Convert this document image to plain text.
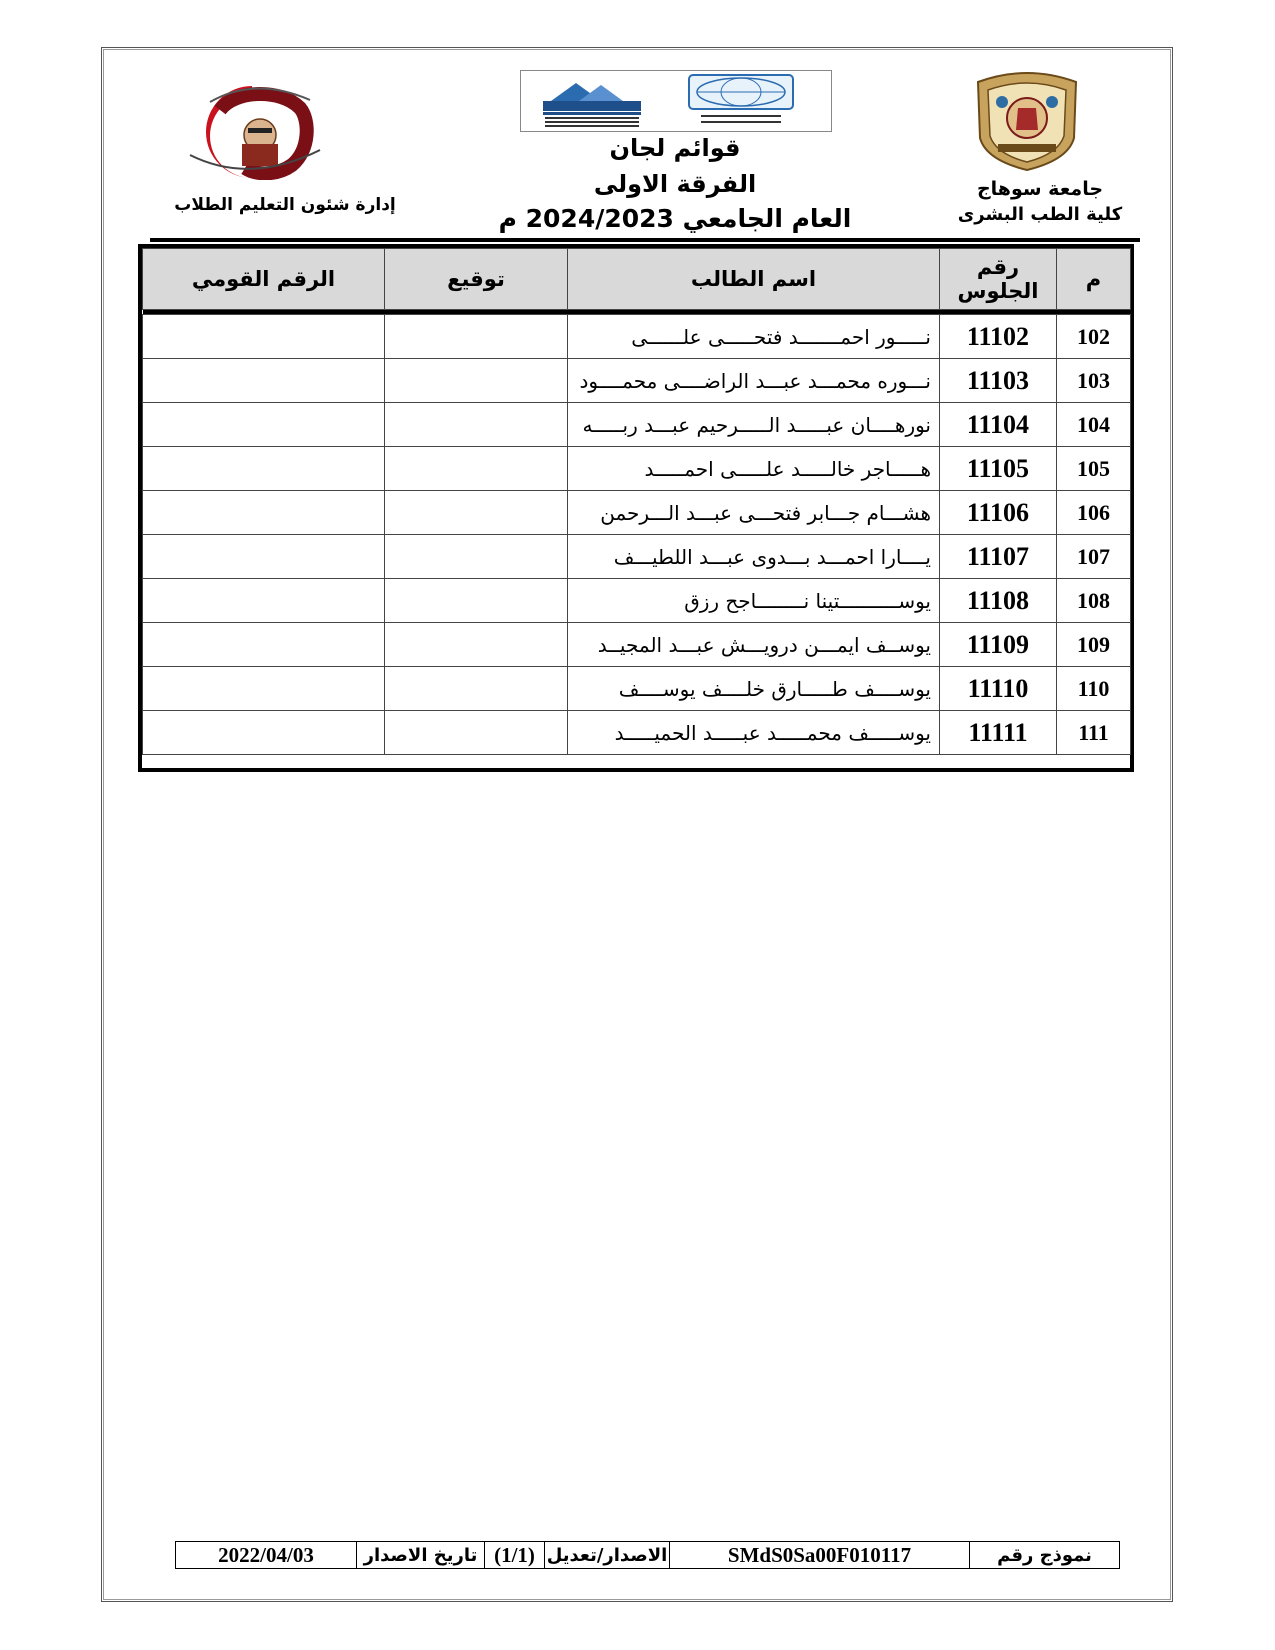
قوائم لجان
الفرقة الاولى
العام الجامعي 2024/2023 م
جامعة سوهاج
كلية الطب البشرى
إدارة شئون التعليم الطلاب
م	رقم الجلوس	اسم الطالب	توقيع	الرقم القومي

102	11102	نـــــور احمـــــــد فتحـــــى علــــــى		
103	11103	نـــوره محمـــد عبـــد الراضــــى محمــــود		
104	11104	نورهــــان عبـــــد الـــــرحيم عبـــد ربـــــه		
105	11105	هـــــاجر خالـــــد علـــــى احمـــــد		
106	11106	هشـــام جـــابر فتحـــى عبـــد الـــرحمن		
107	11107	يــــارا احمـــد بـــدوى عبـــد اللطيـــف		
108	11108	يوســــــــــتينا نــــــــاجح رزق		
109	11109	يوســف ايمـــن درويـــش عبـــد المجيــد		
110	11110	يوســــف طـــــارق خلــــف يوســــف		
111	11111	يوســـــف محمـــــد عبـــــد الحميـــــد		
نموذج رقم
SMdS0Sa00F010117
الاصدار/تعديل
(1/1)
تاريخ الاصدار
2022/04/03
